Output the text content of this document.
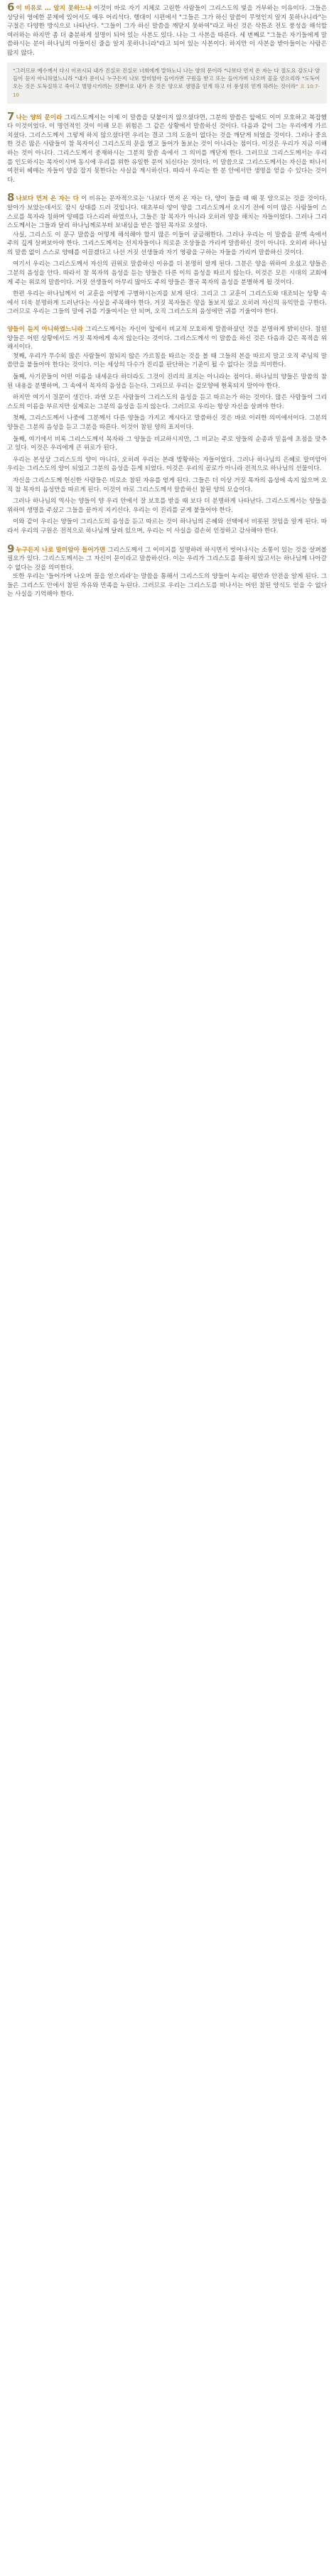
6 이 비유로 … 알지 못하느냐 이것이 바로 자기 지체로 고린한 사람들이 그리스도의 빛을 거부하는 이유이다. 그들은 상당히 영에한 문제에 있어서도 매우 어리석다. 행대이 시편에서 "그들은 그가 하신 말씀이 무엇인지 알지 못하나니라"는 구절은 다양한 방식으로 나타난다. "그들이 그가 하신 말씀을 깨닫지 못하여"라고 하신 것은 삭튼조 전도 풍성을 해석할 여러하는 하지만 좀 더 충분하게 설명이 되어 있는 사본도 있다. 나는 그 사본을 따른다. 세 번째로 "그들은 자기들에게 말씀하시는 분이 하나님의 아들이신 줄을 알지 못하나니라"라고 되어 있는 사본이다. 하지만 이 사본을 받아들이는 사람은 많지 않다.

"그러므로 예수께서 다시 이르시되 내가 진실로 진실로 너희에게 말하노니 나는 양의 문이라 "나보다 먼저 온 자는 다 절도요 강도나 양들이 듣지 아니하였느니라 "내가 문이니 누구든지 나로 말미암아 들어가면 구원을 받고 또는 들어가며 나오며 꼴을 얻으리라 "도둑이 오는 것은 도둑질하고 죽이고 멸망시키려는 것뿐이요 내가 온 것은 양으로 생명을 얻게 하고 더 풍성히 얻게 하려는 것이라" 요 10:7-10

7 나는 양의 문이라 그리스도께서는 이제 이 말씀을 덧붙이지 않으셨다면, 그분의 말씀은 앞에도 이미 모호하고 복잡했다 이것이었다. 이 명언적인 것이 이해 모든 위험은 그 같은 상황에서 말씀하신 것이다. 다음과 같이 그는 우리에게 가르치셨다. 그리스도께서 그렇게 하지 않으셨다면 우리는 결코 그의 도움이 없다는 것을 깨닫게 되었을 것이다. 그러나 중요한 것은 많은 사람들이 참 목자이신 그리스도의 문을 열고 들어가 돌보는 것이 아니라는 점이다. 이것은 우리가 지금 이해하는 것이 아니다. 그리스도께서 중재하시는 그분의 말씀 속에서 그 의미를 깨닫게 한다. 그러므로 그리스도께서는 우리를 인도하시는 목자이시며 동시에 우리를 위한 유일한 문이 되신다는 것이다. 이 말씀으로 그리스도께서는 자신을 떠나서 여전히 헤매는 자들이 양을 잡지 못한다는 사실을 계시하신다. 따라서 우리는 한 분 안에서만 생명을 얻을 수 있다는 것이다.

8 나보다 먼저 온 자는 다 이 비유는 문자적으로는 '나보다 먼저 온 자는 다, 양이 들을 때 때 못 양으로는 것을 것이다. 알아가 보았는데서도 잠시 상태를 드러 것입니다. 태초부터 양이 양을 그리스도께서 오시기 전에 이미 많은 사람들이 스스로를 목자라 칭하며 양떼를 다스리려 하였으나, 그들은 참 목자가 아니라 오히려 양을 해치는 자들이었다. 그러나 그리스도께서는 그들과 달리 하나님께로부터 보내심을 받은 참된 목자로 오셨다.

사실, 그리스도 이 문구 말씀을 어떻게 해석해야 할지 많은 이들이 궁금해한다. 그러나 우리는 이 말씀을 문맥 속에서 주의 깊게 살펴보아야 한다. 그리스도께서는 선지자들이나 의로운 조상들을 가리켜 말씀하신 것이 아니다. 오히려 하나님의 말씀 없이 스스로 양떼를 이끌겠다고 나선 거짓 선생들과 자기 영광을 구하는 자들을 가리켜 말씀하신 것이다.

여기서 우리는 그리스도께서 자신의 권위로 말씀하신 이유를 더 분명히 알게 된다. 그분은 양을 위하여 오셨고 양들은 그분의 음성을 안다. 따라서 참 목자의 음성을 듣는 양들은 다른 이의 음성을 따르지 않는다. 이것은 모든 시대의 교회에게 주는 위로의 말씀이다. 거짓 선생들이 아무리 많아도 주의 양들은 결국 목자의 음성을 분별하게 될 것이다.

한편 우리는 하나님께서 이 교훈을 어떻게 구별하시는지를 보게 된다. 그리고 그 교훈이 그리스도와 대조되는 상황 속에서 더욱 분명하게 드러난다는 사실을 주목해야 한다. 거짓 목자들은 양을 돌보지 않고 오히려 자신의 유익만을 구한다. 그러므로 우리는 그들의 말에 귀를 기울여서는 안 되며, 오직 그리스도의 음성에만 귀를 기울여야 한다.

양들이 듣지 아니하였느니라 그리스도께서는 자신이 앞에서 비교적 모호하게 말씀하셨던 것을 분명하게 밝히신다. 참된 양들은 어떤 상황에서도 거짓 목자에게 속지 않는다는 것이다. 그리스도께서 이 말씀을 하신 것은 다음과 같은 목적을 위해서이다.

첫째, 우리가 무수히 많은 사람들이 참되지 않은 가르침을 따르는 것을 볼 때 그들의 본을 따르지 말고 오직 주님의 말씀만을 붙들어야 한다는 것이다. 이는 세상의 다수가 진리를 판단하는 기준이 될 수 없다는 것을 의미한다.

둘째, 사기꾼들이 어떤 이름을 내세운다 하더라도 그것이 진리의 표지는 아니라는 점이다. 하나님의 양들은 말씀의 참된 내용을 분별하며, 그 속에서 목자의 음성을 듣는다. 그러므로 우리는 겉모양에 현혹되지 말아야 한다.

하지만 여기서 질문이 생긴다. 과연 모든 사람들이 그리스도의 음성을 듣고 따르는가 하는 것이다. 많은 사람들이 그리스도의 이름을 부르지만 실제로는 그분의 음성을 듣지 않는다. 그러므로 우리는 항상 자신을 살펴야 한다.

첫째, 그리스도께서 나중에 그분께서 다른 양들을 가지고 계시다고 말씀하신 것은 바로 이러한 의미에서이다. 그분의 양들은 그분의 음성을 듣고 그분을 따른다. 이것이 참된 양의 표지이다.

둘째, 여기에서 비록 그리스도께서 목자와 그 양들을 비교하시지만, 그 비교는 주로 양들의 순종과 믿음에 초점을 맞추고 있다. 이것은 우리에게 큰 위로가 된다.

우리는 본성상 그리스도의 양이 아니다. 오히려 우리는 본래 방황하는 자들이었다. 그러나 하나님의 은혜로 말미암아 우리는 그리스도의 양이 되었고 그분의 음성을 듣게 되었다. 이것은 우리의 공로가 아니라 전적으로 하나님의 선물이다.

자신을 그리스도께 헌신한 사람들은 비로소 참된 자유를 얻게 된다. 그들은 더 이상 거짓 목자의 음성에 속지 않으며 오직 참 목자의 음성만을 따르게 된다. 이것이 바로 그리스도께서 말씀하신 참된 양의 모습이다.

그러나 하나님의 역사는 양들이 양 우리 안에서 잘 보호를 받을 때 보다 더 분명하게 나타난다. 그리스도께서는 양들을 위하여 생명을 주셨고 그들을 끝까지 지키신다. 우리는 이 진리를 굳게 붙들어야 한다.

이와 같이 우리는 양들이 그리스도의 음성을 듣고 따르는 것이 하나님의 은혜와 선택에서 비롯된 것임을 알게 된다. 따라서 우리의 구원은 전적으로 하나님께 달려 있으며, 우리는 이 사실을 겸손히 인정하고 감사해야 한다.

9 누구든지 나로 말미암아 들어가면 그리스도께서 그 이미지를 설명하려 하시면서 벗어나시는 소통이 있는 것을 살펴볼 필요가 있다. 그리스도께서는 그 자신이 문이라고 말씀하신다. 이는 우리가 그리스도를 통하지 않고서는 하나님께 나아갈 수 없다는 것을 의미한다.

또한 우리는 '들어가며 나오며 꼴을 얻으리라'는 말씀을 통해서 그리스도의 양들이 누리는 평안과 안전을 알게 된다. 그들은 그리스도 안에서 참된 자유와 만족을 누린다. 그러므로 우리는 그리스도를 떠나서는 어떤 참된 양식도 얻을 수 없다는 사실을 기억해야 한다.
